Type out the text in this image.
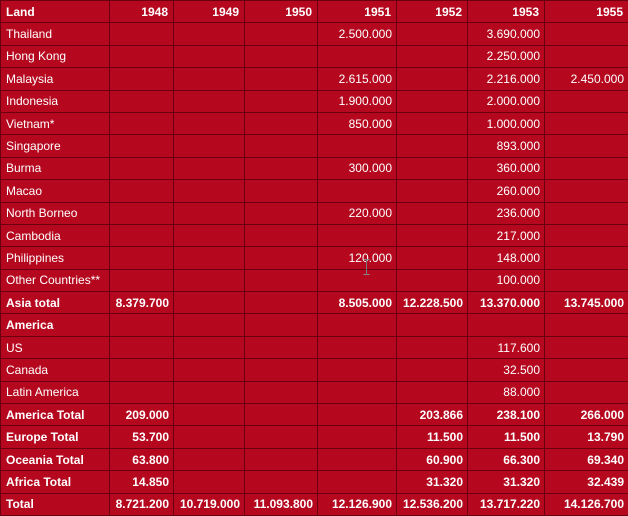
Land	1948	1949	1950	1951	1952	1953	1955
Thailand				2.500.000		3.690.000	
Hong Kong						2.250.000	
Malaysia				2.615.000		2.216.000	2.450.000
Indonesia				1.900.000		2.000.000	
Vietnam*				850.000		1.000.000	
Singapore						893.000	
Burma				300.000		360.000	
Macao						260.000	
North Borneo				220.000		236.000	
Cambodia						217.000	
Philippines				120.000		148.000	
Other Countries**						100.000	
Asia total	8.379.700			8.505.000	12.228.500	13.370.000	13.745.000
America							
US						117.600	
Canada						32.500	
Latin America						88.000	
America Total	209.000				203.866	238.100	266.000
Europe Total	53.700				11.500	11.500	13.790
Oceania Total	63.800				60.900	66.300	69.340
Africa Total	14.850				31.320	31.320	32.439
Total	8.721.200	10.719.000	11.093.800	12.126.900	12.536.200	13.717.220	14.126.700
